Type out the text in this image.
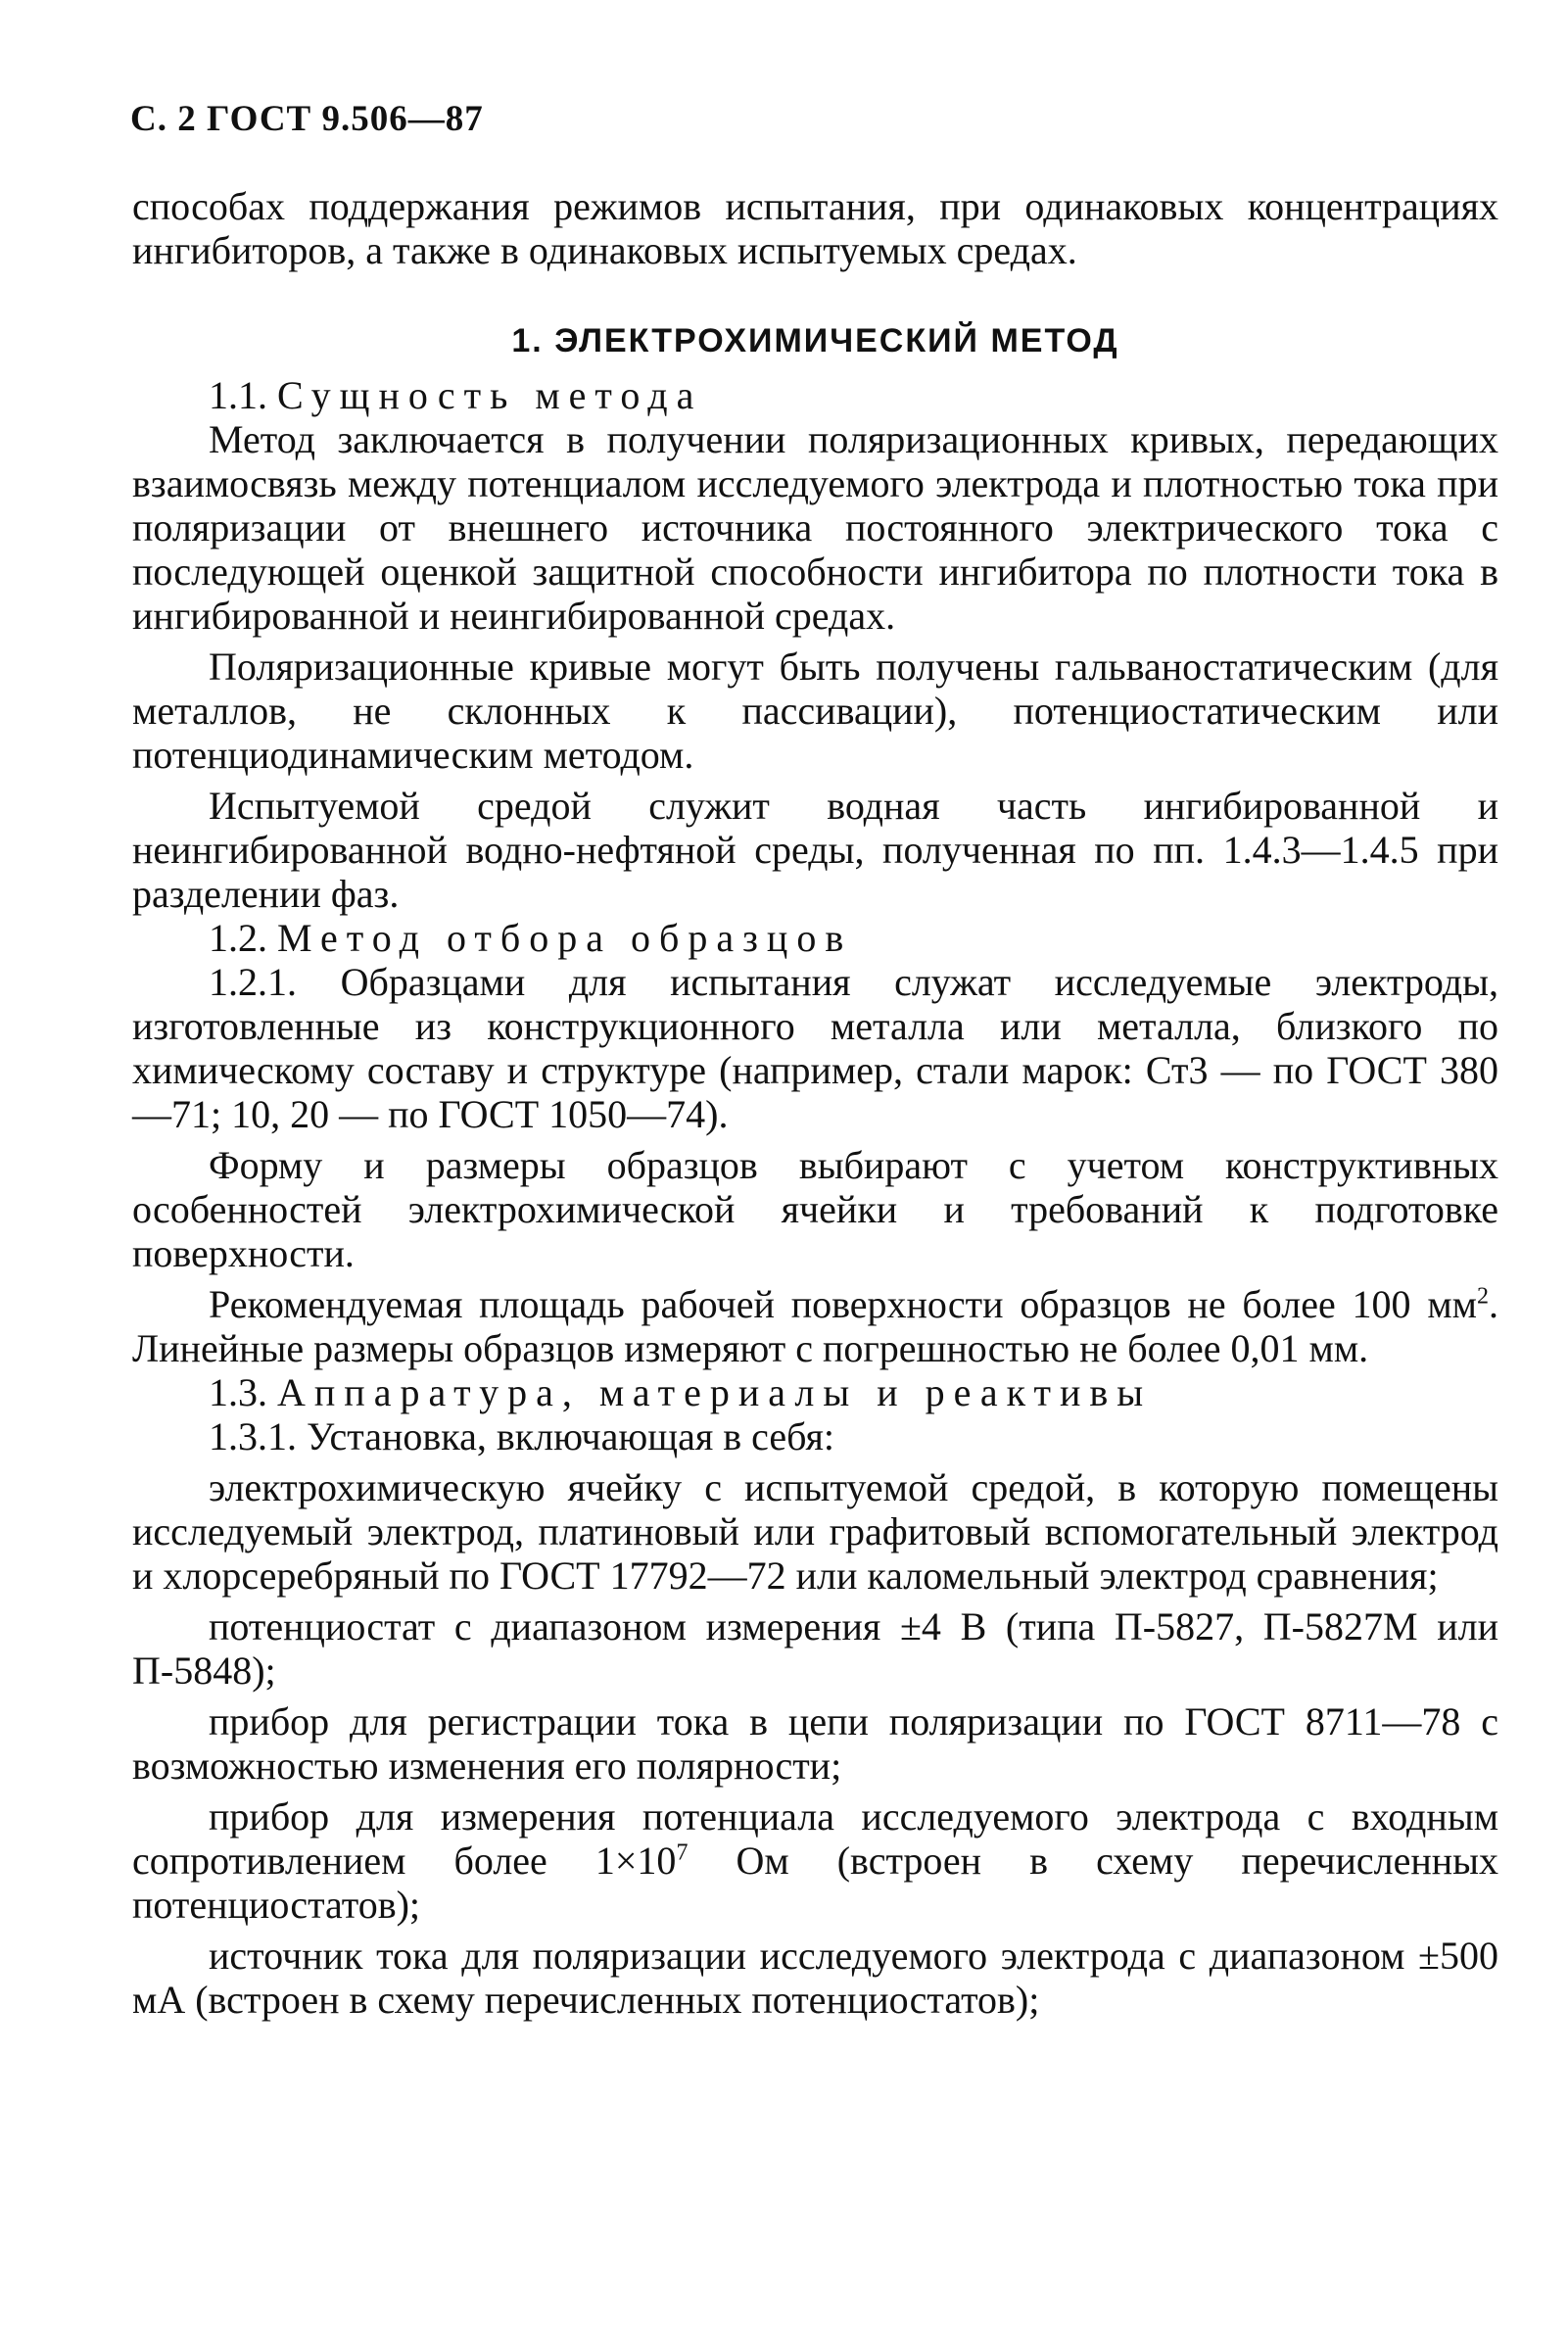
С. 2 ГОСТ 9.506—87

способах поддержания режимов испытания, при одинаковых концентрациях ингибиторов, а также в одинаковых испытуемых средах.

1. ЭЛЕКТРОХИМИЧЕСКИЙ МЕТОД

1.1. Сущность метода

Метод заключается в получении поляризационных кривых, передающих взаимосвязь между потенциалом исследуемого электрода и плотностью тока при поляризации от внешнего источника постоянного электрического тока с последующей оценкой защитной способности ингибитора по плотности тока в ингибированной и неингибированной средах.

Поляризационные кривые могут быть получены гальваностатическим (для металлов, не склонных к пассивации), потенциостатическим или потенциодинамическим методом.

Испытуемой средой служит водная часть ингибированной и неингибированной водно-нефтяной среды, полученная по пп. 1.4.3—1.4.5 при разделении фаз.

1.2. Метод отбора образцов

1.2.1. Образцами для испытания служат исследуемые электроды, изготовленные из конструкционного металла или металла, близкого по химическому составу и структуре (например, стали марок: Ст3 — по ГОСТ 380—71; 10, 20 — по ГОСТ 1050—74).

Форму и размеры образцов выбирают с учетом конструктивных особенностей электрохимической ячейки и требований к подготовке поверхности.

Рекомендуемая площадь рабочей поверхности образцов не более 100 $мм^2$. Линейные размеры образцов измеряют с погрешностью не более 0,01 мм.

1.3. Аппаратура, материалы и реактивы

1.3.1. Установка, включающая в себя:

электрохимическую ячейку с испытуемой средой, в которую помещены исследуемый электрод, платиновый или графитовый вспомогательный электрод и хлорсеребряный по ГОСТ 17792—72 или каломельный электрод сравнения;

потенциостат с диапазоном измерения ±4 В (типа П-5827, П-5827М или П-5848);

прибор для регистрации тока в цепи поляризации по ГОСТ 8711—78 с возможностью изменения его полярности;

прибор для измерения потенциала исследуемого электрода с входным сопротивлением более $1\times 10^7$ Ом (встроен в схему перечисленных потенциостатов);

источник тока для поляризации исследуемого электрода с диапазоном ±500 мА (встроен в схему перечисленных потенциостатов);
